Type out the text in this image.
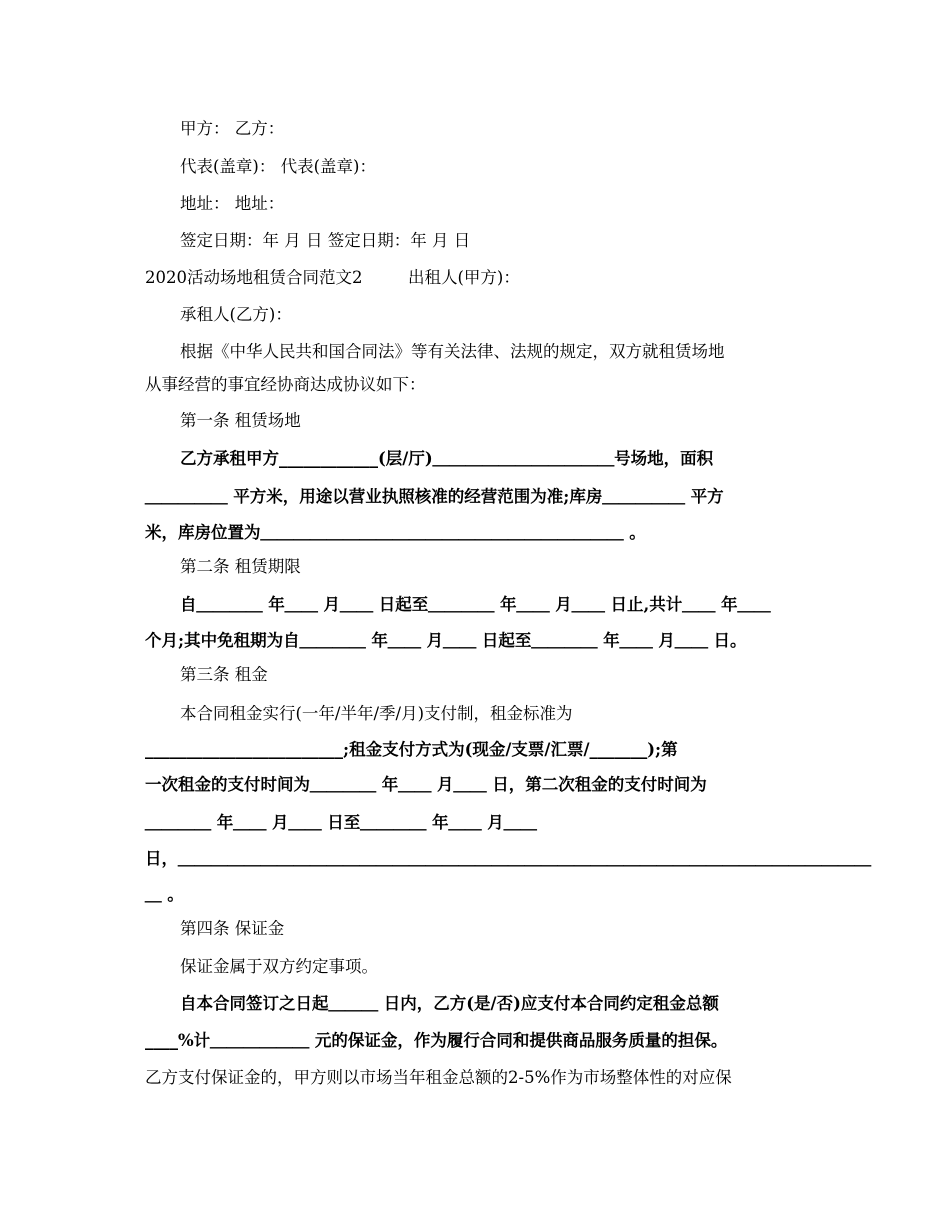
甲方： 乙方：
代表(盖章)： 代表(盖章)：
地址： 地址：
签定日期：年 月 日 签定日期：年 月 日
2020活动场地租赁合同范文2	出租人(甲方)：
承租人(乙方)：
根据《中华人民共和国合同法》等有关法律、法规的规定，双方就租赁场地
从事经营的事宜经协商达成协议如下：
第一条 租赁场地
乙方承租甲方____________(层/厅)＿＿＿＿＿＿＿＿＿＿＿号场地，面积
＿＿＿＿＿ 平方米，用途以营业执照核准的经营范围为准;库房＿＿＿＿＿ 平方
米，库房位置为＿＿＿＿＿＿＿＿＿＿＿＿＿＿＿＿＿＿＿＿＿＿ 。
第二条 租赁期限
自＿＿＿＿ 年＿＿ 月＿＿ 日起至＿＿＿＿ 年＿＿ 月＿＿ 日止,共计＿＿ 年＿＿
个月;其中免租期为自＿＿＿＿ 年＿＿ 月＿＿ 日起至＿＿＿＿ 年＿＿ 月＿＿ 日。
第三条 租金
本合同租金实行(一年/半年/季/月)支付制，租金标准为
________________________;租金支付方式为(现金/支票/汇票/_______);第
一次租金的支付时间为＿＿＿＿ 年＿＿ 月＿＿ 日，第二次租金的支付时间为
＿＿＿＿ 年＿＿ 月＿＿ 日至＿＿＿＿ 年＿＿ 月＿＿
日，＿＿＿＿＿＿＿＿＿＿＿＿＿＿＿＿＿＿＿＿＿＿＿＿＿＿＿＿＿＿＿＿＿＿＿＿＿＿＿＿＿＿
＿ 。
第四条 保证金
保证金属于双方约定事项。
自本合同签订之日起＿＿＿ 日内，乙方(是/否)应支付本合同约定租金总额
____%计＿＿＿＿＿＿ 元的保证金，作为履行合同和提供商品服务质量的担保。
乙方支付保证金的，甲方则以市场当年租金总额的2-5%作为市场整体性的对应保
